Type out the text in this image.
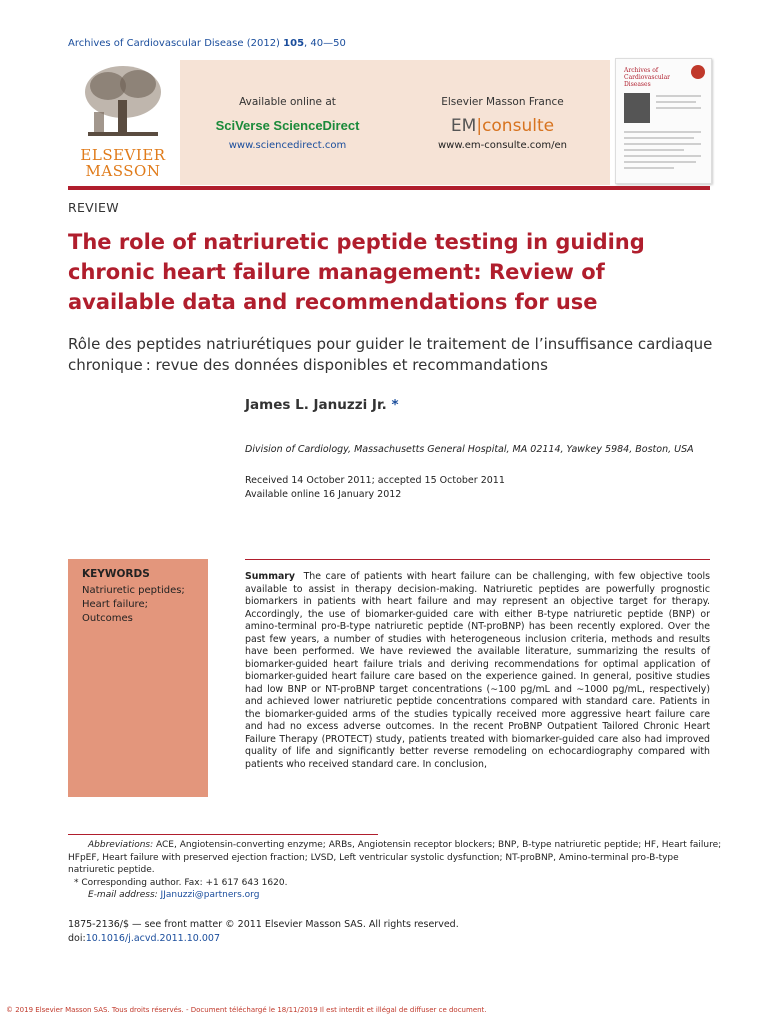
Archives of Cardiovascular Disease (2012) 105, 40—50
ELSEVIER
MASSON
Available online at
SciVerse ScienceDirect
www.sciencedirect.com
Elsevier Masson France
EM|consulte
www.em-consulte.com/en
Archives of Cardiovascular Diseases
REVIEW
The role of natriuretic peptide testing in guiding chronic heart failure management: Review of available data and recommendations for use
Rôle des peptides natriurétiques pour guider le traitement de l’insuffisance cardiaque chronique : revue des données disponibles et recommandations
James L. Januzzi Jr. *
Division of Cardiology, Massachusetts General Hospital, MA 02114, Yawkey 5984, Boston, USA
Received 14 October 2011; accepted 15 October 2011
Available online 16 January 2012
KEYWORDS
Natriuretic peptides;
Heart failure;
Outcomes
Summary The care of patients with heart failure can be challenging, with few objective tools available to assist in therapy decision-making. Natriuretic peptides are powerfully prognostic biomarkers in patients with heart failure and may represent an objective target for therapy. Accordingly, the use of biomarker-guided care with either B-type natriuretic peptide (BNP) or amino-terminal pro-B-type natriuretic peptide (NT-proBNP) has been recently explored. Over the past few years, a number of studies with heterogeneous inclusion criteria, methods and results have been performed. We have reviewed the available literature, summarizing the results of biomarker-guided heart failure trials and deriving recommendations for optimal application of biomarker-guided heart failure care based on the experience gained. In general, positive studies had low BNP or NT-proBNP target concentrations (∼100 pg/mL and ∼1000 pg/mL, respectively) and achieved lower natriuretic peptide concentrations compared with standard care. Patients in the biomarker-guided arms of the studies typically received more aggressive heart failure care and had no excess adverse outcomes. In the recent ProBNP Outpatient Tailored Chronic Heart Failure Therapy (PROTECT) study, patients treated with biomarker-guided care also had improved quality of life and significantly better reverse remodeling on echocardiography compared with patients who received standard care. In conclusion,
Abbreviations: ACE, Angiotensin-converting enzyme; ARBs, Angiotensin receptor blockers; BNP, B-type natriuretic peptide; HF, Heart failure; HFpEF, Heart failure with preserved ejection fraction; LVSD, Left ventricular systolic dysfunction; NT-proBNP, Amino-terminal pro-B-type natriuretic peptide.
* Corresponding author. Fax: +1 617 643 1620.
E-mail address: JJanuzzi@partners.org
1875-2136/$ — see front matter © 2011 Elsevier Masson SAS. All rights reserved.
doi:10.1016/j.acvd.2011.10.007
© 2019 Elsevier Masson SAS. Tous droits réservés. - Document téléchargé le 18/11/2019 Il est interdit et illégal de diffuser ce document.
